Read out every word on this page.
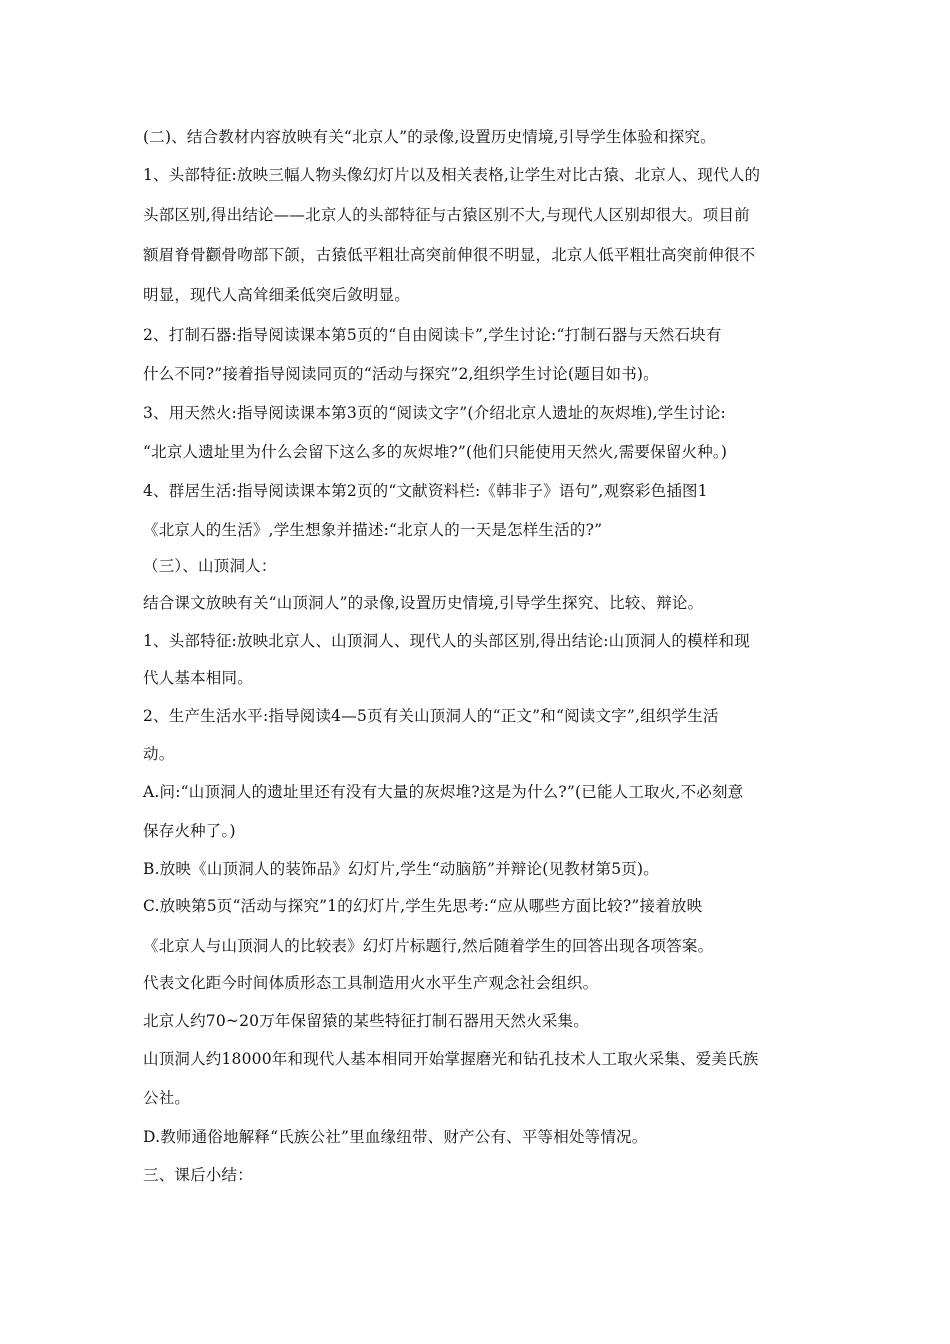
(二)、结合教材内容放映有关“北京人”的录像,设置历史情境,引导学生体验和探究。
1、头部特征:放映三幅人物头像幻灯片以及相关表格,让学生对比古猿、北京人、现代人的
头部区别,得出结论——北京人的头部特征与古猿区别不大,与现代人区别却很大。项目前
额眉脊骨颧骨吻部下颌，古猿低平粗壮高突前伸很不明显，北京人低平粗壮高突前伸很不
明显，现代人高耸细柔低突后敛明显。
2、打制石器:指导阅读课本第5页的“自由阅读卡”,学生讨论:“打制石器与天然石块有
什么不同?”接着指导阅读同页的“活动与探究”2,组织学生讨论(题目如书)。
3、用天然火:指导阅读课本第3页的“阅读文字”(介绍北京人遗址的灰烬堆),学生讨论:
“北京人遗址里为什么会留下这么多的灰烬堆?”(他们只能使用天然火,需要保留火种。)
4、群居生活:指导阅读课本第2页的“文献资料栏:《韩非子》语句”,观察彩色插图1
《北京人的生活》,学生想象并描述:“北京人的一天是怎样生活的?”
（三）、山顶洞人：
结合课文放映有关“山顶洞人”的录像,设置历史情境,引导学生探究、比较、辩论。
1、头部特征:放映北京人、山顶洞人、现代人的头部区别,得出结论:山顶洞人的模样和现
代人基本相同。
2、生产生活水平:指导阅读4—5页有关山顶洞人的“正文”和“阅读文字”,组织学生活
动。
A.问:“山顶洞人的遗址里还有没有大量的灰烬堆?这是为什么?”(已能人工取火,不必刻意
保存火种了。)
B.放映《山顶洞人的装饰品》幻灯片,学生“动脑筋”并辩论(见教材第5页)。
C.放映第5页“活动与探究”1的幻灯片,学生先思考:“应从哪些方面比较?”接着放映
《北京人与山顶洞人的比较表》幻灯片标题行,然后随着学生的回答出现各项答案。
代表文化距今时间体质形态工具制造用火水平生产观念社会组织。
北京人约70~20万年保留猿的某些特征打制石器用天然火采集。
山顶洞人约18000年和现代人基本相同开始掌握磨光和钻孔技术人工取火采集、爱美氏族
公社。
D.教师通俗地解释“氏族公社”里血缘纽带、财产公有、平等相处等情况。
三、课后小结：
